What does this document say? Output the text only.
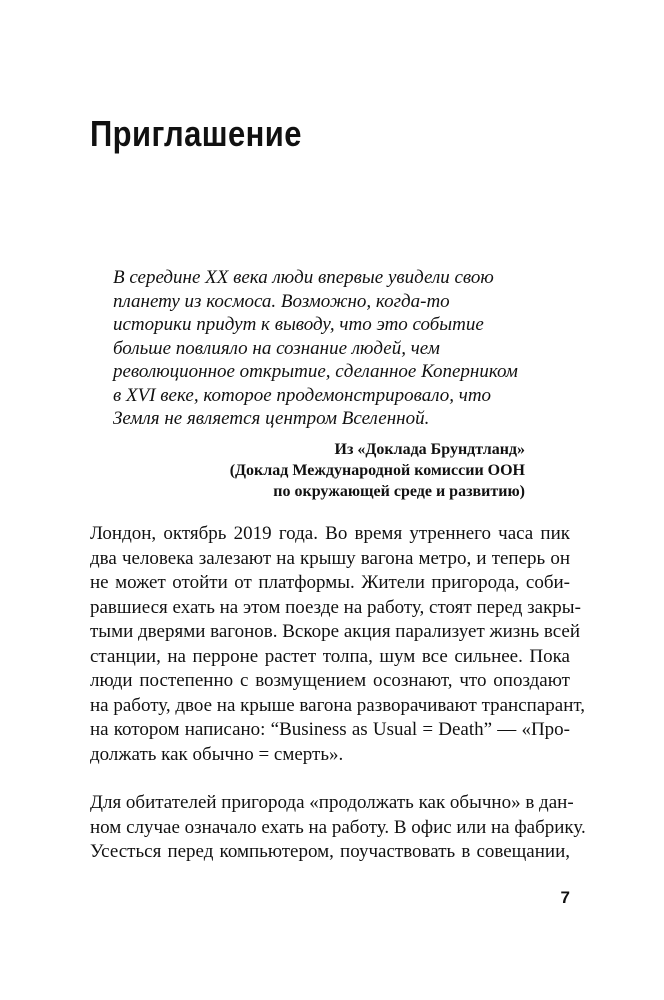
Приглашение
В середине XX века люди впервые увидели свою
планету из космоса. Возможно, когда-то
историки придут к выводу, что это событие
больше повлияло на сознание людей, чем
революционное открытие, сделанное Коперником
в XVI веке, которое продемонстрировало, что
Земля не является центром Вселенной.
Из «Доклада Брундтланд»
(Доклад Международной комиссии ООН
по окружающей среде и развитию)
Лондон, октябрь 2019 года. Во время утреннего часа пик
два человека залезают на крышу вагона метро, и теперь он
не может отойти от платформы. Жители пригорода, соби-
равшиеся ехать на этом поезде на работу, стоят перед закры-
тыми дверями вагонов. Вскоре акция парализует жизнь всей
станции, на перроне растет толпа, шум все сильнее. Пока
люди постепенно с возмущением осознают, что опоздают
на работу, двое на крыше вагона разворачивают транспарант,
на котором написано: “Business as Usual = Death” — «Про-
должать как обычно = смерть».
Для обитателей пригорода «продолжать как обычно» в дан-
ном случае означало ехать на работу. В офис или на фабрику.
Усесться перед компьютером, поучаствовать в совещании,
7
